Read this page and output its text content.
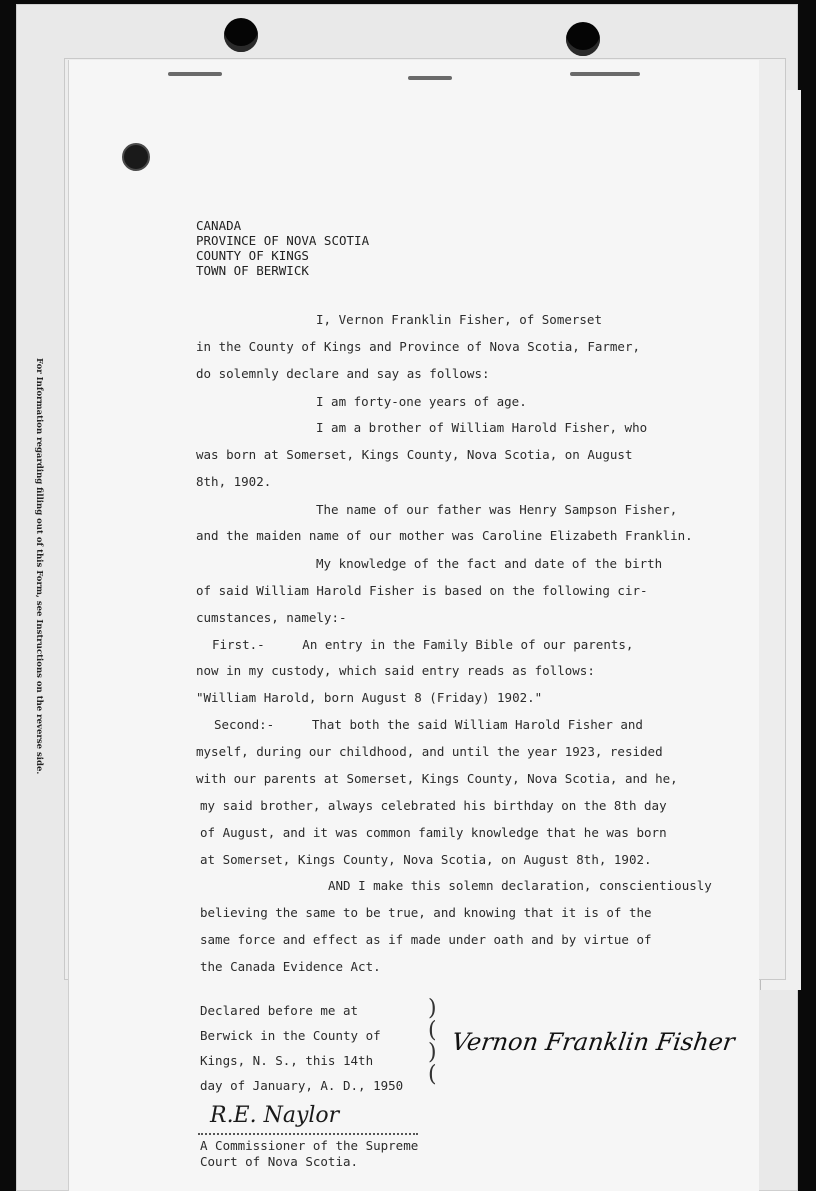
For Information regarding filling out of this Form, see Instructions on the reverse side.
CANADA
PROVINCE OF NOVA SCOTIA
COUNTY OF KINGS
TOWN OF BERWICK
I, Vernon Franklin Fisher, of Somerset
in the County of Kings and Province of Nova Scotia, Farmer,
do solemnly declare and say as follows:
I am forty-one years of age.
I am a brother of William Harold Fisher, who
was born at Somerset, Kings County, Nova Scotia, on August
8th, 1902.
The name of our father was Henry Sampson Fisher,
and the maiden name of our mother was Caroline Elizabeth Franklin.
My knowledge of the fact and date of the birth
of said William Harold Fisher is based on the following cir-
cumstances, namely:-
First.-     An entry in the Family Bible of our parents,
now in my custody, which said entry reads as follows:
"William Harold, born August 8 (Friday) 1902."
Second:-     That both the said William Harold Fisher and
myself, during our childhood, and until the year 1923, resided
with our parents at Somerset, Kings County, Nova Scotia, and he,
my said brother, always celebrated his birthday on the 8th day
of August, and it was common family knowledge that he was born
at Somerset, Kings County, Nova Scotia, on August 8th, 1902.
AND I make this solemn declaration, conscientiously
believing the same to be true, and knowing that it is of the
same force and effect as if made under oath and by virtue of
the Canada Evidence Act.
Declared before me at
Berwick in the County of
Kings, N. S., this 14th
day of January, A. D., 1950
)
(
)
(
Vernon Franklin Fisher
R.E. Naylor
A Commissioner of the Supreme
Court of Nova Scotia.
